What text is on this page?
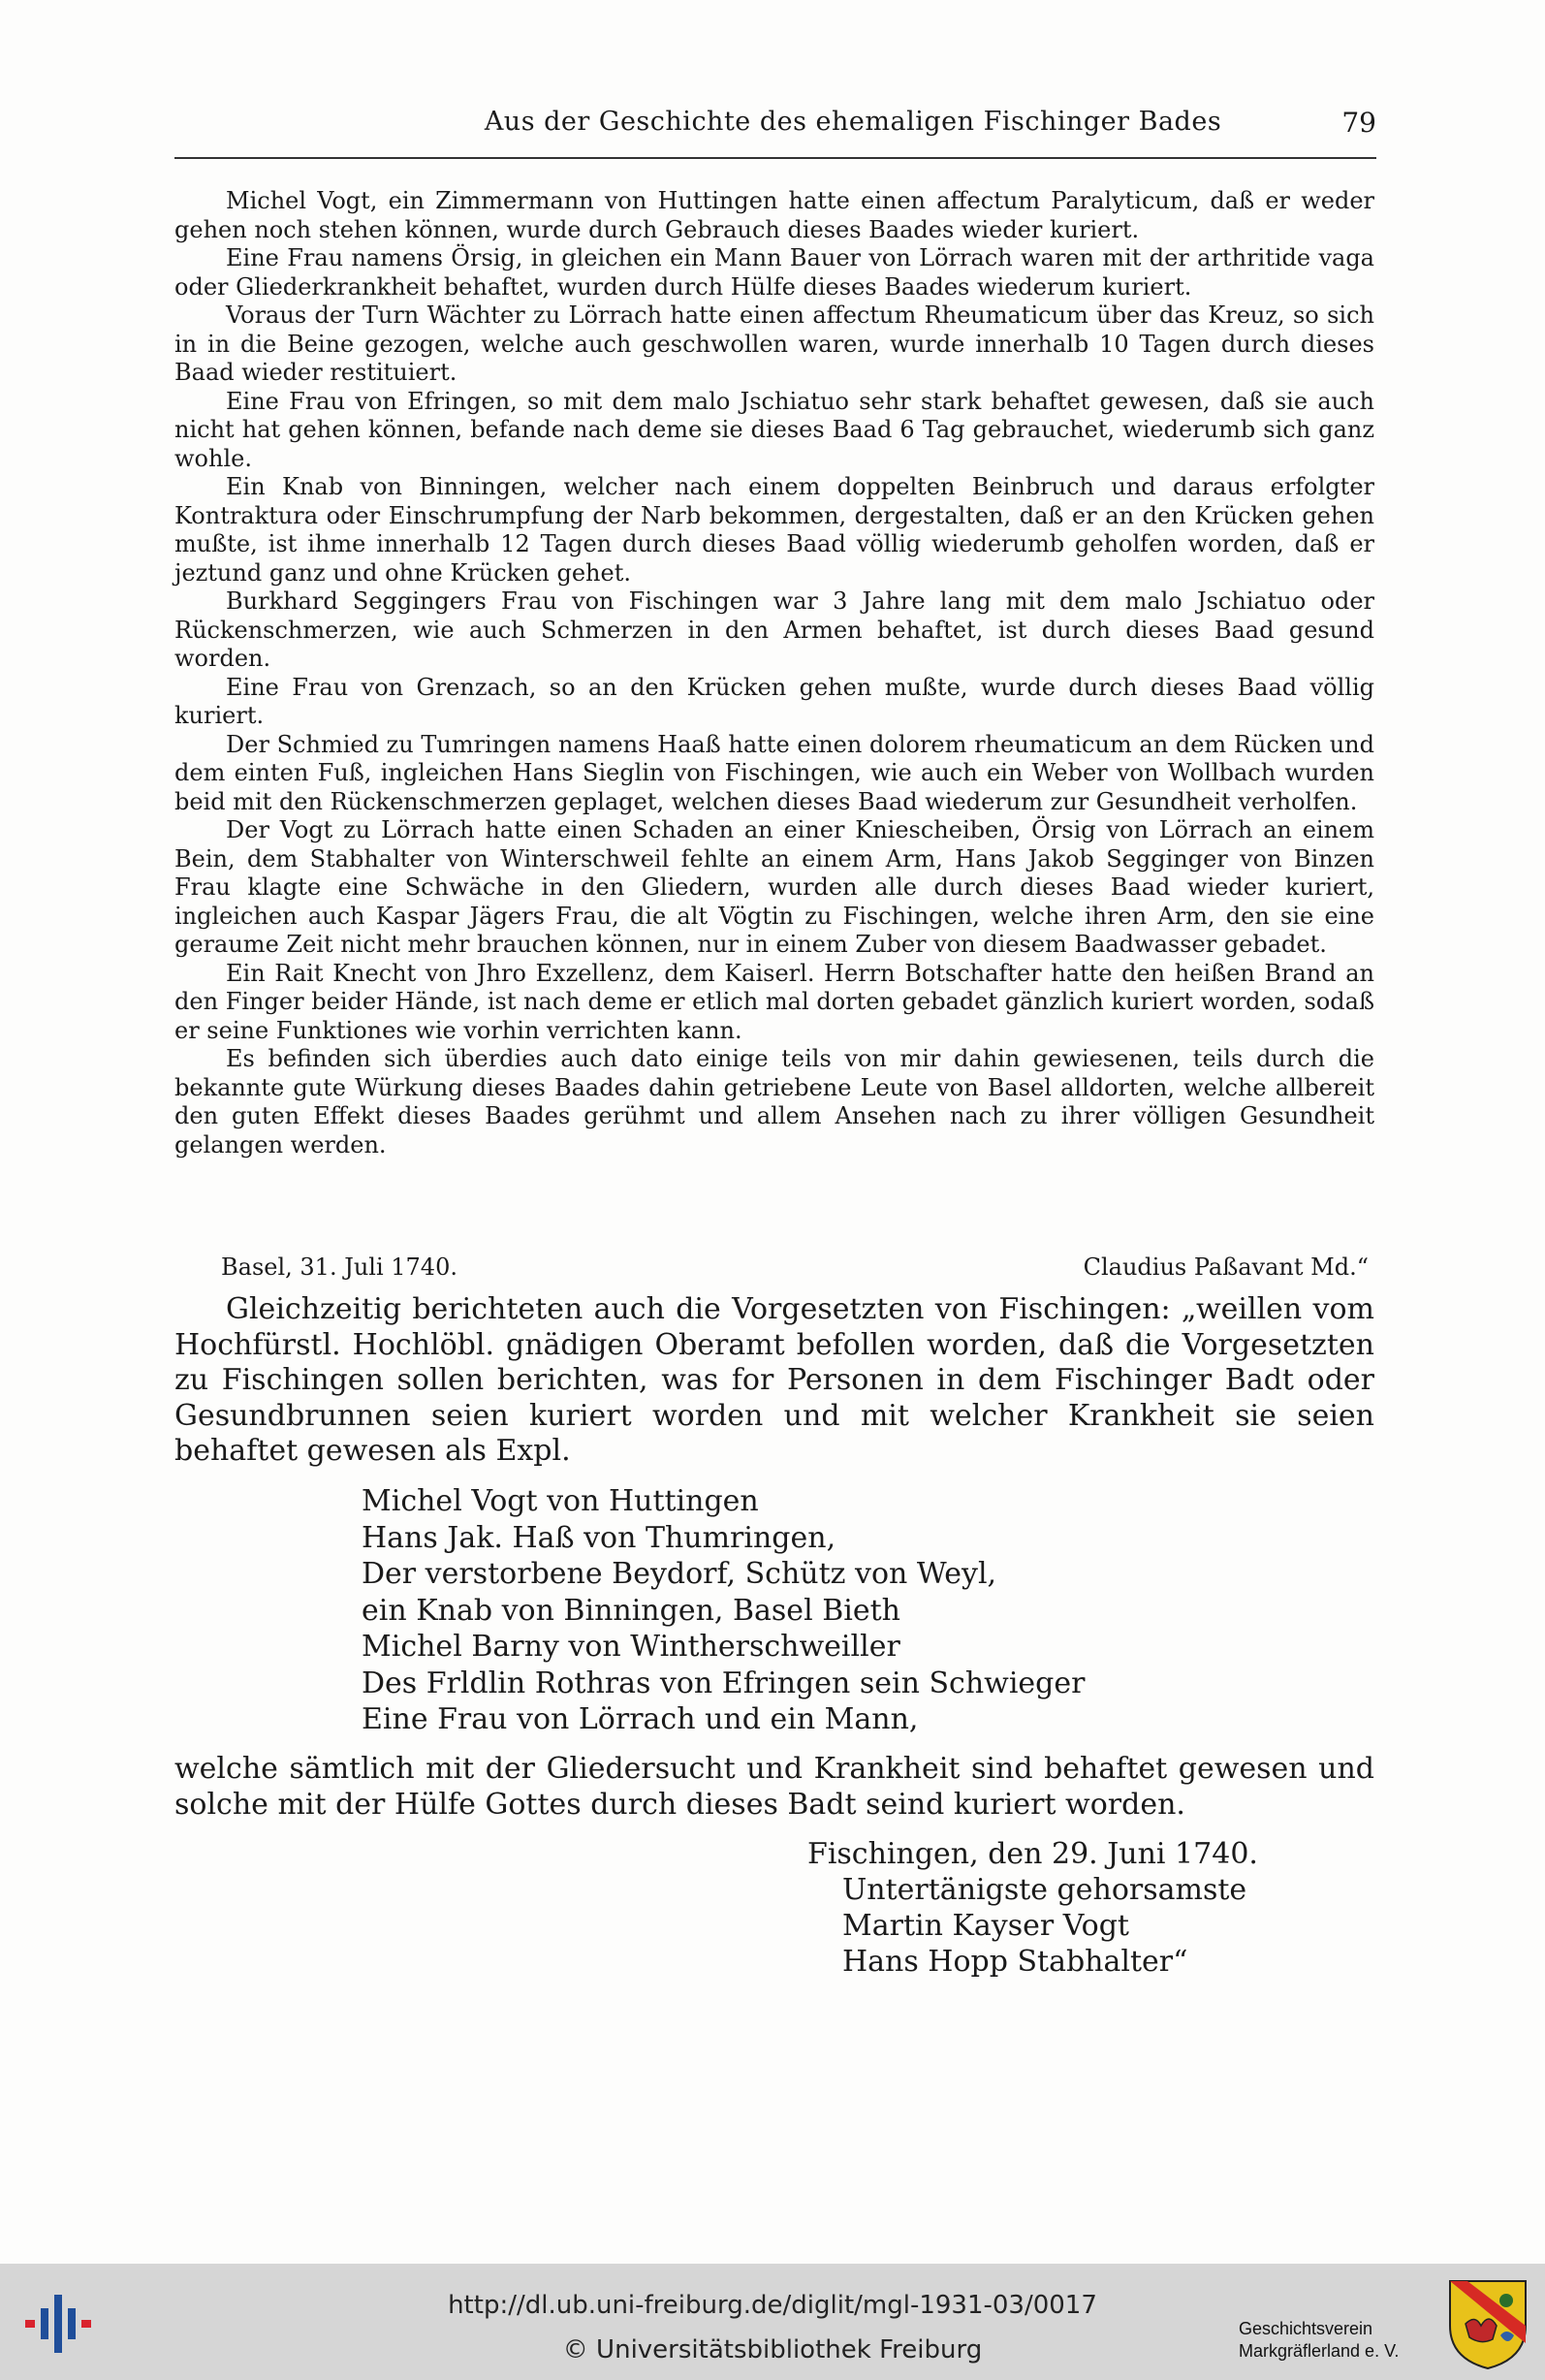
Aus der Geschichte des ehemaligen Fischinger Bades	79

Michel Vogt, ein Zimmermann von Huttingen hatte einen affectum Paralyticum, daß er weder gehen noch stehen können, wurde durch Gebrauch dieses Baades wieder kuriert.

Eine Frau namens Örsig, in gleichen ein Mann Bauer von Lörrach waren mit der arthritide vaga oder Gliederkrankheit behaftet, wurden durch Hülfe dieses Baades wiederum kuriert.

Voraus der Turn Wächter zu Lörrach hatte einen affectum Rheumaticum über das Kreuz, so sich in in die Beine gezogen, welche auch geschwollen waren, wurde innerhalb 10 Tagen durch dieses Baad wieder restituiert.

Eine Frau von Efringen, so mit dem malo Jschiatuo sehr stark behaftet gewesen, daß sie auch nicht hat gehen können, befande nach deme sie dieses Baad 6 Tag gebrauchet, wiederumb sich ganz wohle.

Ein Knab von Binningen, welcher nach einem doppelten Beinbruch und daraus erfolgter Kontraktura oder Einschrumpfung der Narb bekommen, dergestalten, daß er an den Krücken gehen mußte, ist ihme innerhalb 12 Tagen durch dieses Baad völlig wiederumb geholfen worden, daß er jeztund ganz und ohne Krücken gehet.

Burkhard Seggingers Frau von Fischingen war 3 Jahre lang mit dem malo Jschiatuo oder Rückenschmerzen, wie auch Schmerzen in den Armen behaftet, ist durch dieses Baad gesund worden.

Eine Frau von Grenzach, so an den Krücken gehen mußte, wurde durch dieses Baad völlig kuriert.

Der Schmied zu Tumringen namens Haaß hatte einen dolorem rheumaticum an dem Rücken und dem einten Fuß, ingleichen Hans Sieglin von Fischingen, wie auch ein Weber von Wollbach wurden beid mit den Rückenschmerzen geplaget, welchen dieses Baad wiederum zur Gesundheit verholfen.

Der Vogt zu Lörrach hatte einen Schaden an einer Kniescheiben, Örsig von Lörrach an einem Bein, dem Stabhalter von Winterschweil fehlte an einem Arm, Hans Jakob Segginger von Binzen Frau klagte eine Schwäche in den Gliedern, wurden alle durch dieses Baad wieder kuriert, ingleichen auch Kaspar Jägers Frau, die alt Vögtin zu Fischingen, welche ihren Arm, den sie eine geraume Zeit nicht mehr brauchen können, nur in einem Zuber von diesem Baadwasser gebadet.

Ein Rait Knecht von Jhro Exzellenz, dem Kaiserl. Herrn Botschafter hatte den heißen Brand an den Finger beider Hände, ist nach deme er etlich mal dorten gebadet gänzlich kuriert worden, sodaß er seine Funktiones wie vorhin verrichten kann.

Es befinden sich überdies auch dato einige teils von mir dahin gewiesenen, teils durch die bekannte gute Würkung dieses Baades dahin getriebene Leute von Basel alldorten, welche allbereit den guten Effekt dieses Baades gerühmt und allem Ansehen nach zu ihrer völligen Gesundheit gelangen werden.

Basel, 31. Juli 1740.	Claudius Paßavant Md.“

Gleichzeitig berichteten auch die Vorgesetzten von Fischingen: „weillen vom Hochfürstl. Hochlöbl. gnädigen Oberamt befollen worden, daß die Vorgesetzten zu Fischingen sollen berichten, was for Personen in dem Fischinger Badt oder Gesundbrunnen seien kuriert worden und mit welcher Krankheit sie seien behaftet gewesen als Expl.

Michel Vogt von Huttingen
Hans Jak. Haß von Thumringen,
Der verstorbene Beydorf, Schütz von Weyl,
ein Knab von Binningen, Basel Bieth
Michel Barny von Wintherschweiller
Des Frldlin Rothras von Efringen sein Schwieger
Eine Frau von Lörrach und ein Mann,

welche sämtlich mit der Gliedersucht und Krankheit sind behaftet gewesen und solche mit der Hülfe Gottes durch dieses Badt seind kuriert worden.

Fischingen, den 29. Juni 1740.
Untertänigste gehorsamste
Martin Kayser Vogt
Hans Hopp Stabhalter“
http://dl.ub.uni-freiburg.de/diglit/mgl-1931-03/0017
© Universitätsbibliothek Freiburg
Geschichtsverein
Markgräflerland e. V.
